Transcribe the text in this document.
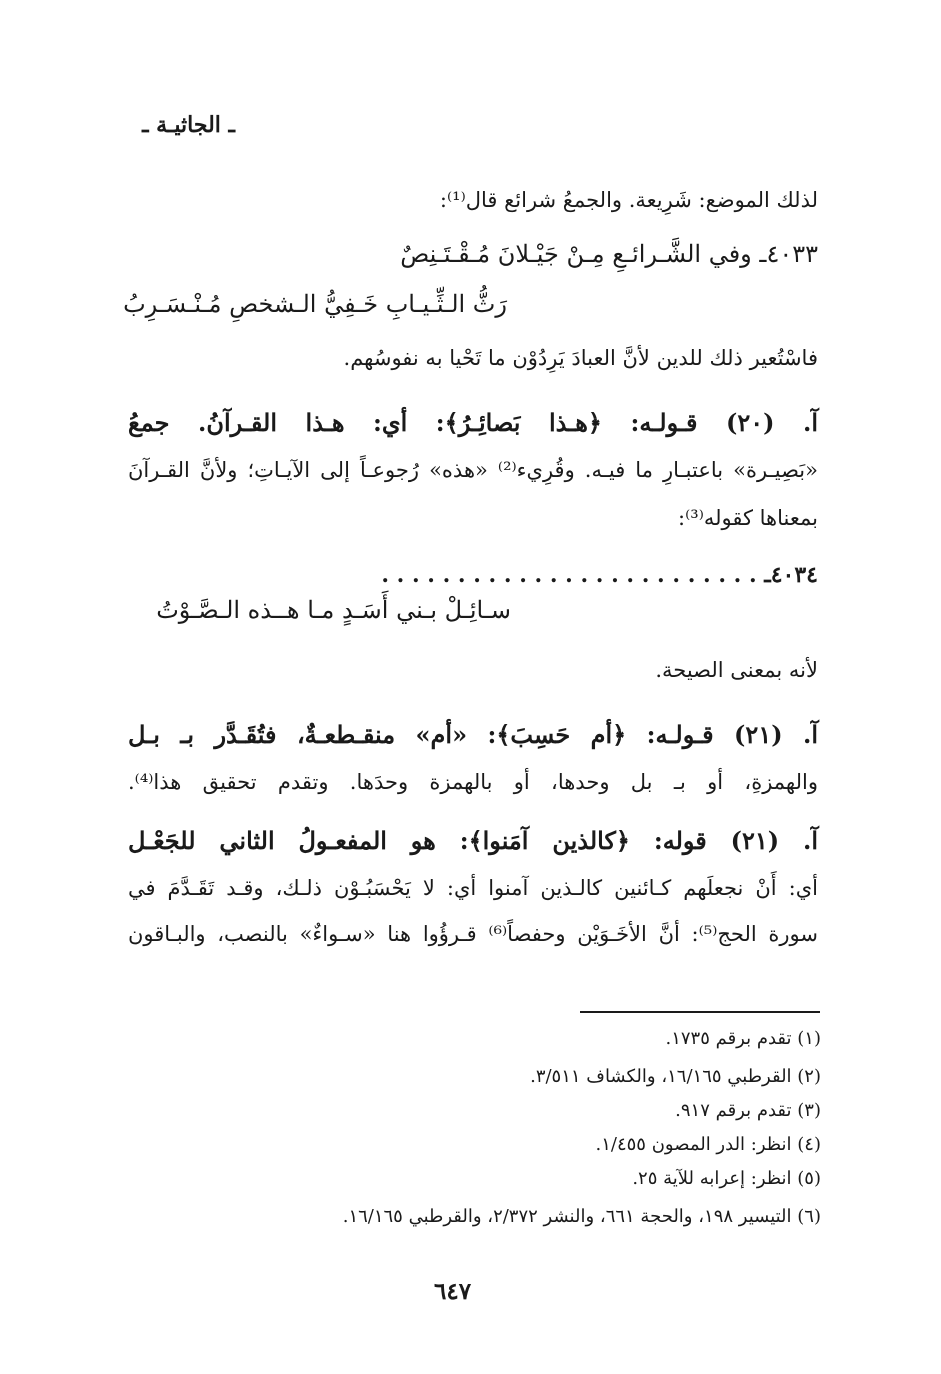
ـ الجاثيـة ـ
لذلك الموضع: شَرِيعة. والجمعُ شرائع قال⁽¹⁾:
٤٠٣٣ـ وفي الشَّـرائـعِ مِـنْ جَيْـلانَ مُـقْـتَـنِصٌ
رَثُّ الـثِّـيـابِ خَـفِيُّ الـشخصِ مُـنْـسَـرِبُ
فاسْتُعير ذلك للدين لأنَّ العبادَ يَرِدُوْن ما تَحْيا به نفوسُهم.
آ. (٢٠) قـولـه: ﴿هـذا بَصائِـرُ﴾: أي: هـذا القـرآنُ. جمعُ
«بَصِيـرة» باعتبـارِ ما فيـه. وقُرِيء⁽²⁾ «هذه» رُجوعـاً إلى الآيـاتِ؛ ولأنَّ القـرآنَ
بمعناها كقوله⁽³⁾:
٤٠٣٤ـ . . . . . . . . . . . . . . . . . . . . . . . . .
سـائِـلْ بـني أَسَـدٍ مـا هــذه الـصَّـوْتُ
لأنه بمعنى الصيحة.
آ. (٢١) قـولـه: ﴿أم حَسِبَ﴾: «أم» منقـطعـةٌ، فتُقَـدَّر بـ بـل
والهمزةِ، أو بـ بل وحدها، أو بالهمزة وحدَها. وتقدم تحقيق هذا⁽⁴⁾.
آ. (٢١) قوله: ﴿كالذين آمَنوا﴾: هو المفعـولُ الثاني للجَعْـل
أي: أَنْ نجعلَهم كـائنين كالـذين آمنوا أي: لا يَحْسَبُـوْن ذلـك، وقـد تَقَـدَّمَ في
سورة الحج⁽⁵⁾: أنَّ الأخَـوَيْن وحفصاً⁽⁶⁾ قـرؤُوا هنا «سـواءٌ» بالنصب، والبـاقون
(١) تقدم برقم ١٧٣٥.
(٢) القرطبي ١٦/١٦٥، والكشاف ٣/٥١١.
(٣) تقدم برقم ٩١٧.
(٤) انظر: الدر المصون ١/٤٥٥.
(٥) انظر: إعرابه للآية ٢٥.
(٦) التيسير ١٩٨، والحجة ٦٦١، والنشر ٢/٣٧٢، والقرطبي ١٦/١٦٥.
٦٤٧
